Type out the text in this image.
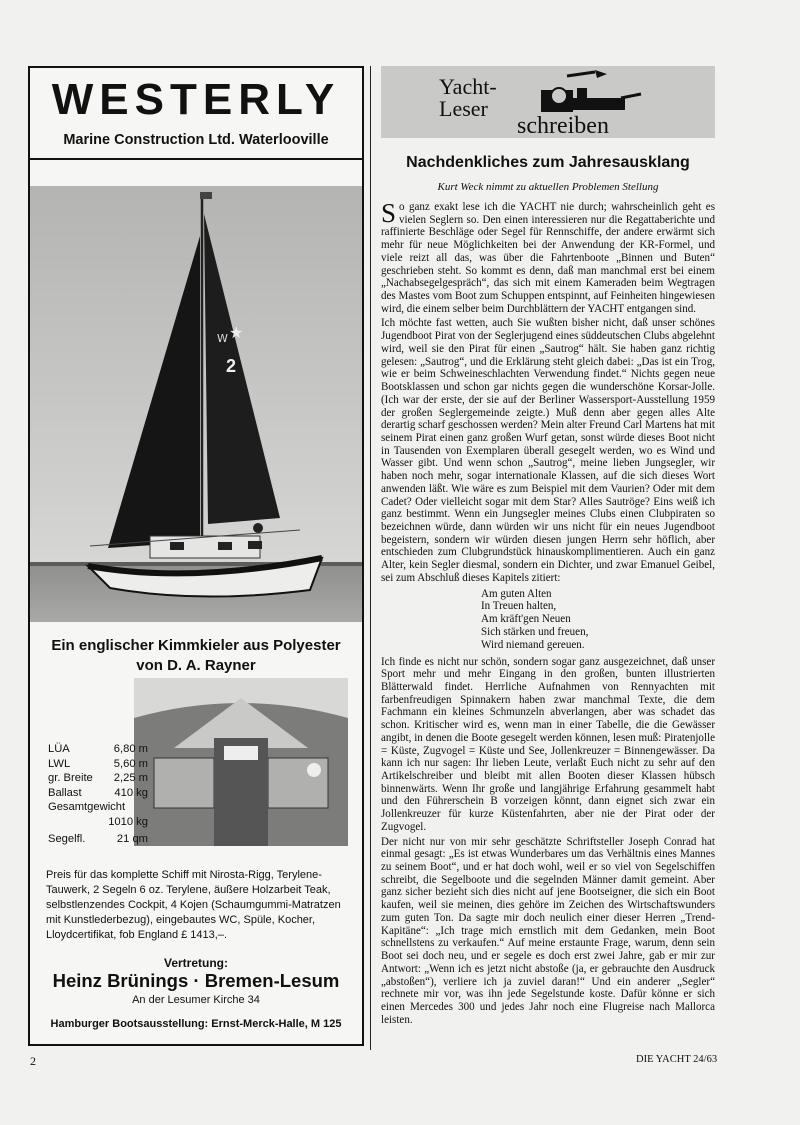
WESTERLY
Marine Construction Ltd. Waterlooville
2
W ★
Ein englischer Kimmkieler aus Polyester
von D. A. Rayner
LÜA	6,80 m
LWL	5,60 m
gr. Breite 2,25 m
Ballast	410 kg
Gesamtgewicht
1010 kg
Segelfl.	21 qm
Preis für das komplette Schiff mit Nirosta-Rigg, Terylene-Tauwerk, 2 Segeln 6 oz. Terylene, äußere Holzarbeit Teak, selbstlenzendes Cockpit, 4 Kojen (Schaumgummi-Matratzen mit Kunstlederbezug), eingebautes WC, Spüle, Kocher, Lloydcertifikat, fob England £ 1413,–.
Vertretung:
Heinz Brünings · Bremen-Lesum
An der Lesumer Kirche 34
Hamburger Bootsausstellung: Ernst-Merck-Halle, M 125
2
Yacht-
Leser
schreiben
Nachdenkliches zum Jahresausklang
Kurt Weck nimmt zu aktuellen Problemen Stellung

So ganz exakt lese ich die YACHT nie durch; wahrscheinlich geht es vielen Seglern so. Den einen interessieren nur die Regattaberichte und raffinierte Beschläge oder Segel für Rennschiffe, der andere erwärmt sich mehr für neue Möglichkeiten bei der Anwendung der KR-Formel, und viele reizt all das, was über die Fahrtenboote „Binnen und Buten“ geschrieben steht. So kommt es denn, daß man manchmal erst bei einem „Nachabsegelgespräch“, das sich mit einem Kameraden beim Wegtragen des Mastes vom Boot zum Schuppen entspinnt, auf Feinheiten hingewiesen wird, die einem selber beim Durchblättern der YACHT entgangen sind.

Ich möchte fast wetten, auch Sie wußten bisher nicht, daß unser schönes Jugendboot Pirat von der Seglerjugend eines süddeutschen Clubs abgelehnt wird, weil sie den Pirat für einen „Sautrog“ hält. Sie haben ganz richtig gelesen: „Sautrog“, und die Erklärung steht gleich dabei: „Das ist ein Trog, wie er beim Schweineschlachten Verwendung findet.“ Nichts gegen neue Bootsklassen und schon gar nichts gegen die wunderschöne Korsar-Jolle. (Ich war der erste, der sie auf der Berliner Wassersport-Ausstellung 1959 der großen Seglergemeinde zeigte.) Muß denn aber gegen alles Alte derartig scharf geschossen werden? Mein alter Freund Carl Martens hat mit seinem Pirat einen ganz großen Wurf getan, sonst würde dieses Boot nicht in Tausenden von Exemplaren überall gesegelt werden, wo es Wind und Wasser gibt. Und wenn schon „Sautrog“, meine lieben Jungsegler, wir haben noch mehr, sogar internationale Klassen, auf die sich dieses Wort anwenden läßt. Wie wäre es zum Beispiel mit dem Vaurien? Oder mit dem Cadet? Oder vielleicht sogar mit dem Star? Alles Sautröge? Eins weiß ich ganz bestimmt. Wenn ein Jungsegler meines Clubs einen Clubpiraten so bezeichnen würde, dann würden wir uns nicht für ein neues Jugendboot begeistern, sondern wir würden diesen jungen Herrn sehr höflich, aber entschieden zum Clubgrundstück hinauskomplimentieren. Auch ein ganz Alter, kein Segler diesmal, sondern ein Dichter, und zwar Emanuel Geibel, sei zum Abschluß dieses Kapitels zitiert:

Am guten Alten
In Treuen halten,
Am kräft'gen Neuen
Sich stärken und freuen,
Wird niemand gereuen.

Ich finde es nicht nur schön, sondern sogar ganz ausgezeichnet, daß unser Sport mehr und mehr Eingang in den großen, bunten illustrierten Blätterwald findet. Herrliche Aufnahmen von Rennyachten mit farbenfreudigen Spinnakern haben zwar manchmal Texte, die dem Fachmann ein kleines Schmunzeln abverlangen, aber was schadet das schon. Kritischer wird es, wenn man in einer Tabelle, die die Gewässer angibt, in denen die Boote gesegelt werden können, lesen muß: Piratenjolle = Küste, Zugvogel = Küste und See, Jollenkreuzer = Binnengewässer. Da kann ich nur sagen: Ihr lieben Leute, verlaßt Euch nicht zu sehr auf den Artikelschreiber und bleibt mit allen Booten dieser Klassen hübsch binnenwärts. Wenn Ihr große und langjährige Erfahrung gesammelt habt und den Führerschein B vorzeigen könnt, dann eignet sich zwar ein Jollenkreuzer für kurze Küstenfahrten, aber nie der Pirat oder der Zugvogel.

Der nicht nur von mir sehr geschätzte Schriftsteller Joseph Conrad hat einmal gesagt: „Es ist etwas Wunderbares um das Verhältnis eines Mannes zu seinem Boot“, und er hat doch wohl, weil er so viel von Segelschiffen schreibt, die Segelboote und die segelnden Männer damit gemeint. Aber ganz sicher bezieht sich dies nicht auf jene Bootseigner, die sich ein Boot kaufen, weil sie meinen, dies gehöre im Zeichen des Wirtschaftswunders zum guten Ton. Da sagte mir doch neulich einer dieser Herren „Trend-Kapitäne“: „Ich trage mich ernstlich mit dem Gedanken, mein Boot schnellstens zu verkaufen.“ Auf meine erstaunte Frage, warum, denn sein Boot sei doch neu, und er segele es doch erst zwei Jahre, gab er mir zur Antwort: „Wenn ich es jetzt nicht abstoße (ja, er gebrauchte den Ausdruck „abstoßen“), verliere ich ja zuviel daran!“ Und ein anderer „Segler“ rechnete mir vor, was ihn jede Segelstunde koste. Dafür könne er sich einen Mercedes 300 und jedes Jahr noch eine Flugreise nach Mallorca leisten.

DIE YACHT 24/63
